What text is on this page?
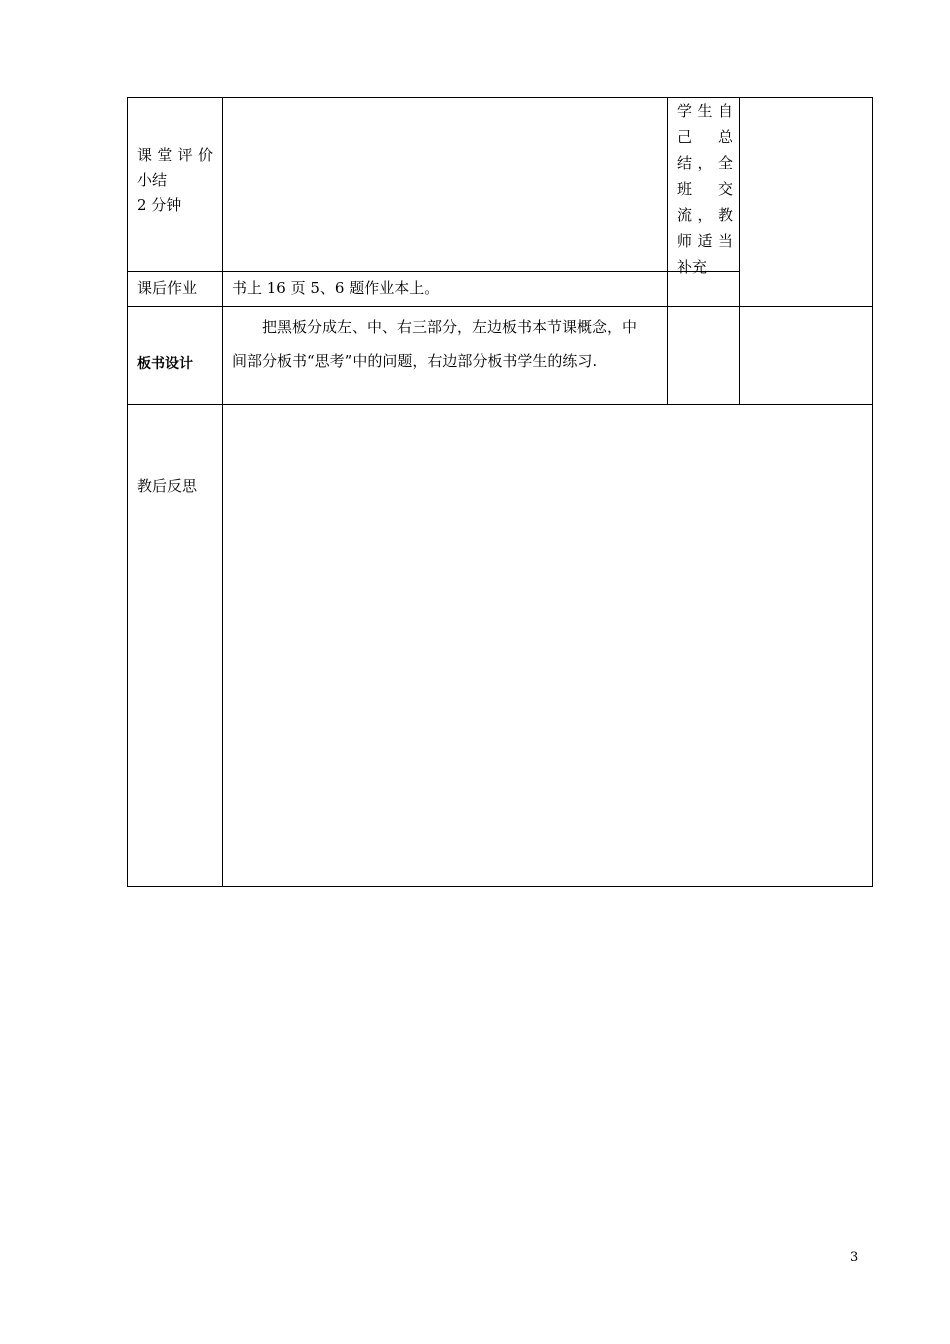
课 堂 评 价
小结
2 分钟
学生自
己 总
结，全
班 交
流，教
师适当
补充
课后作业 书上 16 页 5、6 题作业本上。
板书设计
把黑板分成左、中、右三部分，左边板书本节课概念，中
间部分板书“思考”中的问题，右边部分板书学生的练习.
教后反思
3
